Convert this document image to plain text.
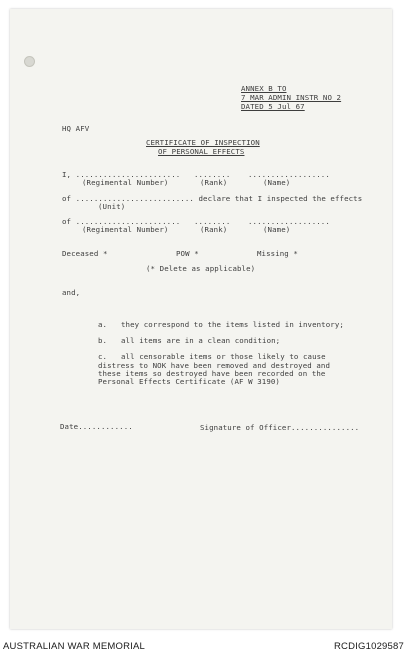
ANNEX B TO
7 MAR ADMIN INSTR NO 2
DATED 5 Jul 67
HQ AFV
CERTIFICATE OF INSPECTION
OF PERSONAL EFFECTS
I, ....................... ........ ..................
(Regimental Number)	(Rank)	(Name)
of .......................... declare that I inspected the effects
(Unit)
of ....................... ........ ..................
(Regimental Number)	(Rank)	(Name)
Deceased *	POW *	Missing *
(* Delete as applicable)
and,
a. they correspond to the items listed in inventory;
b. all items are in a clean condition;
c. all censorable items or those likely to cause
distress to NOK have been removed and destroyed and
these items so destroyed have been recorded on the
Personal Effects Certificate (AF W 3190)
Date............	Signature of Officer...............
AUSTRALIAN WAR MEMORIAL	RCDIG1029587
